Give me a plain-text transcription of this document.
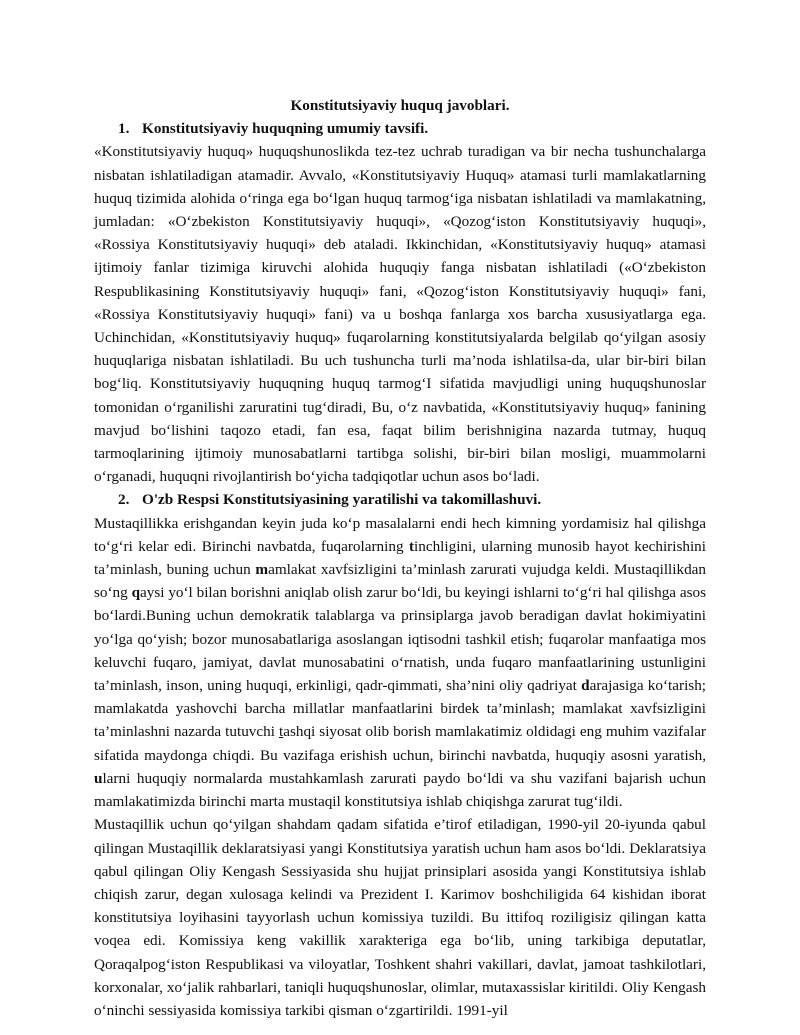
Konstitutsiyaviy huquq javoblari.

1. Konstitutsiyaviy huquqning umumiy tavsifi.

«Konstitutsiyaviy huquq» huquqshunoslikda tez-tez uchrab turadigan va bir necha tushunchalarga nisbatan ishlatiladigan atamadir. Avvalo, «Konstitutsiyaviy Huquq» atamasi turli mamlakatlarning huquq tizimida alohida o‘ringa ega bo‘lgan huquq tarmog‘iga nisbatan ishlatiladi va mamlakatning, jumladan: «O‘zbekiston Konstitutsiyaviy huquqi», «Qozog‘iston Konstitutsiyaviy huquqi», «Rossiya Konstitutsiyaviy huquqi» deb ataladi. Ikkinchidan, «Konstitutsiyaviy huquq» atamasi ijtimoiy fanlar tizimiga kiruvchi alohida huquqiy fanga nisbatan ishlatiladi («O‘zbekiston Respublikasining Konstitutsiyaviy huquqi» fani, «Qozog‘iston Konstitutsiyaviy huquqi» fani, «Rossiya Konstitutsiyaviy huquqi» fani) va u boshqa fanlarga xos barcha xususiyatlarga ega. Uchinchidan, «Konstitutsiyaviy huquq» fuqarolarning konstitutsiyalarda belgilab qo‘yilgan asosiy huquqlariga nisbatan ishlatiladi. Bu uch tushuncha turli ma’noda ishlatilsa-da, ular bir-biri bilan bog‘liq. Konstitutsiyaviy huquqning huquq tarmog‘I sifatida mavjudligi uning huquqshunoslar tomonidan o‘rganilishi zaruratini tug‘diradi, Bu, o‘z navbatida, «Konstitutsiyaviy huquq» fanining mavjud bo‘lishini taqozo etadi, fan esa, faqat bilim berishnigina nazarda tutmay, huquq tarmoqlarining ijtimoiy munosabatlarni tartibga solishi, bir-biri bilan mosligi, muammolarni o‘rganadi, huquqni rivojlantirish bo‘yicha tadqiqotlar uchun asos bo‘ladi.

2. O'zb Respsi Konstitutsiyasining yaratilishi va takomillashuvi.

Mustaqillikka erishgandan keyin juda ko‘p masalalarni endi hech kimning yordamisiz hal qilishga to‘g‘ri kelar edi. Birinchi navbatda, fuqarolarning tinchligini, ularning munosib hayot kechirishini ta’minlash, buning uchun mamlakat xavfsizligini ta’minlash zarurati vujudga keldi. Mustaqillikdan so‘ng qaysi yo‘l bilan borishni aniqlab olish zarur bo‘ldi, bu keyingi ishlarni to‘g‘ri hal qilishga asos bo‘lardi.Buning uchun demokratik talablarga va prinsiplarga javob beradigan davlat hokimiyatini yo‘lga qo‘yish; bozor munosabatlariga asoslangan iqtisodni tashkil etish; fuqarolar manfaatiga mos keluvchi fuqaro, jamiyat, davlat munosabatini o‘rnatish, unda fuqaro manfaatlarining ustunligini ta’minlash, inson, uning huquqi, erkinligi, qadr-qimmati, sha’nini oliy qadriyat darajasiga ko‘tarish; mamlakatda yashovchi barcha millatlar manfaatlarini birdek ta’minlash; mamlakat xavfsizligini ta’minlashni nazarda tutuvchi tashqi siyosat olib borish mamlakatimiz oldidagi eng muhim vazifalar sifatida maydonga chiqdi. Bu vazifaga erishish uchun, birinchi navbatda, huquqiy asosni yaratish, ularni huquqiy normalarda mustahkamlash zarurati paydo bo‘ldi va shu vazifani bajarish uchun mamlakatimizda birinchi marta mustaqil konstitutsiya ishlab chiqishga zarurat tug‘ildi.

Mustaqillik uchun qo‘yilgan shahdam qadam sifatida e’tirof etiladigan, 1990-yil 20-iyunda qabul qilingan Mustaqillik deklaratsiyasi yangi Konstitutsiya yaratish uchun ham asos bo‘ldi. Deklaratsiya qabul qilingan Oliy Kengash Sessiyasida shu hujjat prinsiplari asosida yangi Konstitutsiya ishlab chiqish zarur, degan xulosaga kelindi va Prezident I. Karimov boshchiligida 64 kishidan iborat konstitutsiya loyihasini tayyorlash uchun komissiya tuzildi. Bu ittifoq roziligisiz qilingan katta voqea edi. Komissiya keng vakillik xarakteriga ega bo‘lib, uning tarkibiga deputatlar, Qoraqalpog‘iston Respublikasi va viloyatlar, Toshkent shahri vakillari, davlat, jamoat tashkilotlari, korxonalar, xo‘jalik rahbarlari, taniqli huquqshunoslar, olimlar, mutaxassislar kiritildi. Oliy Kengash o‘ninchi sessiyasida komissiya tarkibi qisman o‘zgartirildi. 1991-yil
